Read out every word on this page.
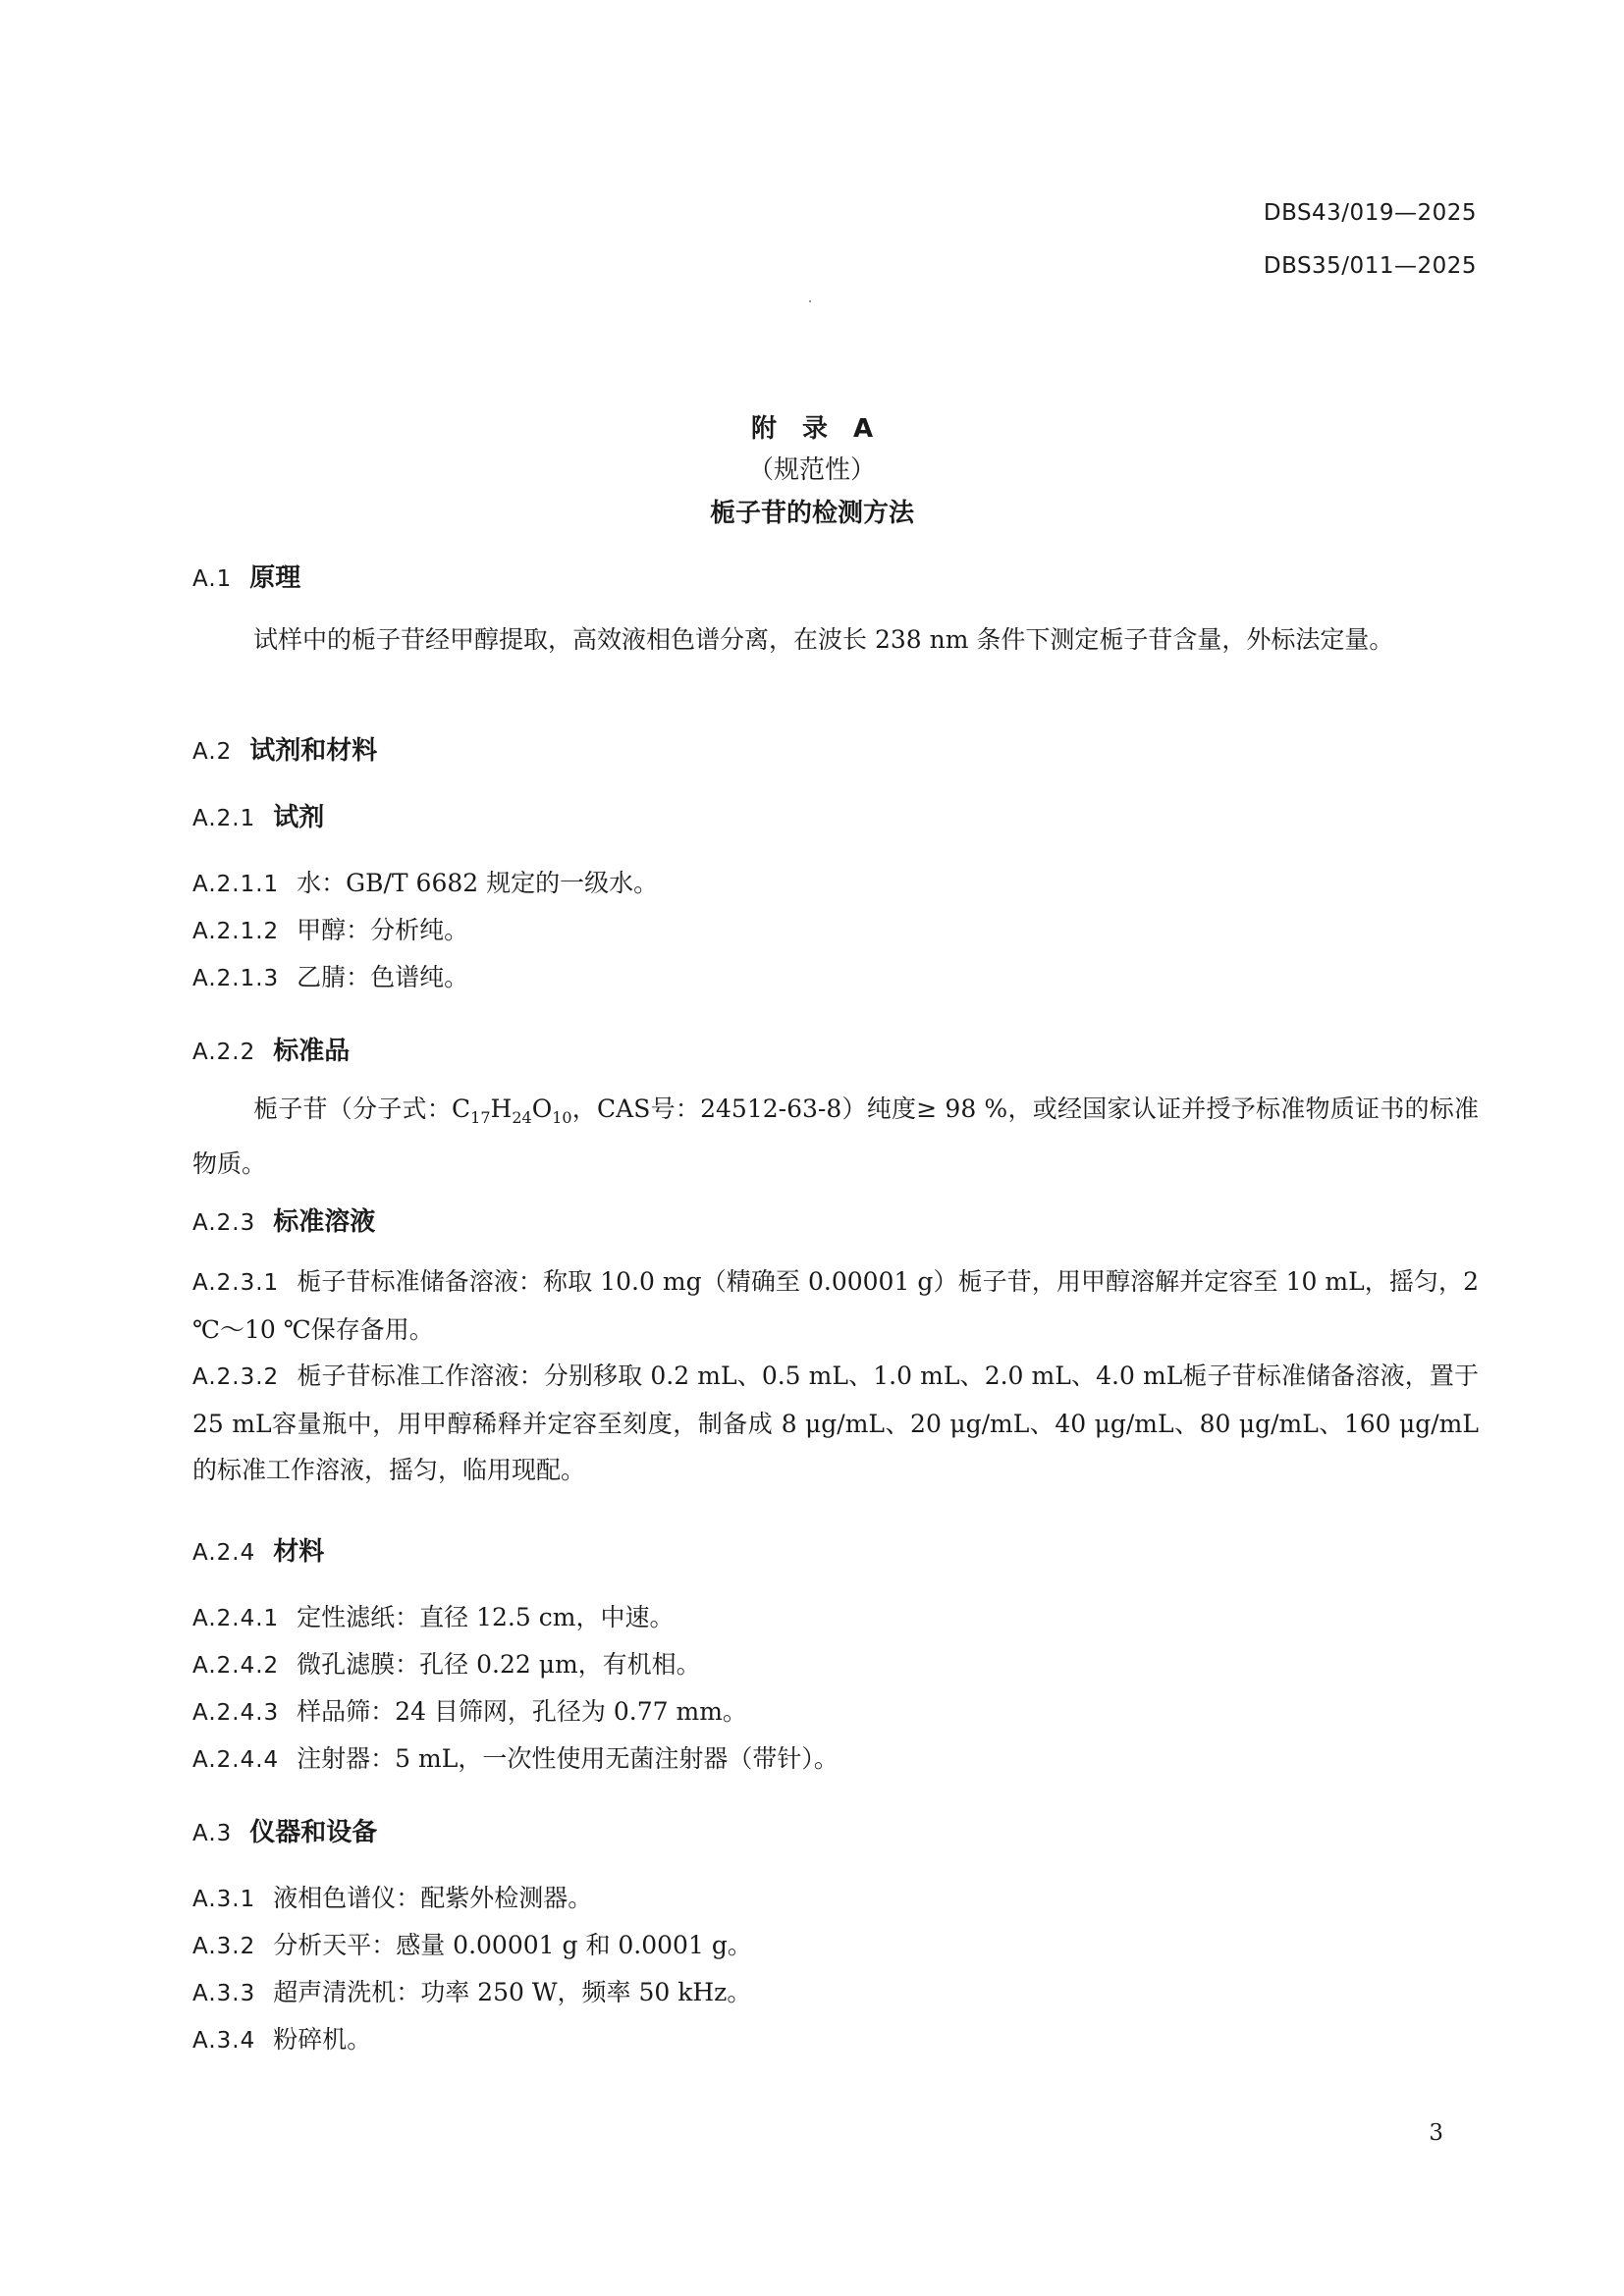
DBS43/019—2025
DBS35/011—2025
附录A
（规范性）
栀子苷的检测方法
A.1 原理
试样中的栀子苷经甲醇提取，高效液相色谱分离，在波长 238 nm 条件下测定栀子苷含量，外标法定量。
A.2 试剂和材料
A.2.1 试剂
A.2.1.1 水：GB/T 6682 规定的一级水。
A.2.1.2 甲醇：分析纯。
A.2.1.3 乙腈：色谱纯。
A.2.2 标准品
栀子苷（分子式：$C_{17}H_{24}O_{10}$，CAS号：24512-63-8）纯度≥ 98 %，或经国家认证并授予标准物质证书的标准物质。
A.2.3 标准溶液
A.2.3.1 栀子苷标准储备溶液：称取 10.0 mg（精确至 0.00001 g）栀子苷，用甲醇溶解并定容至 10 mL，摇匀，2 ℃～10 ℃保存备用。
A.2.3.2 栀子苷标准工作溶液：分别移取 0.2 mL、0.5 mL、1.0 mL、2.0 mL、4.0 mL栀子苷标准储备溶液，置于 25 mL容量瓶中，用甲醇稀释并定容至刻度，制备成 8 μg/mL、20 μg/mL、40 μg/mL、80 μg/mL、160 μg/mL的标准工作溶液，摇匀，临用现配。
A.2.4 材料
A.2.4.1 定性滤纸：直径 12.5 cm，中速。
A.2.4.2 微孔滤膜：孔径 0.22 μm，有机相。
A.2.4.3 样品筛：24 目筛网，孔径为 0.77 mm。
A.2.4.4 注射器：5 mL，一次性使用无菌注射器（带针）。
A.3 仪器和设备
A.3.1 液相色谱仪：配紫外检测器。
A.3.2 分析天平：感量 0.00001 g 和 0.0001 g。
A.3.3 超声清洗机：功率 250 W，频率 50 kHz。
A.3.4 粉碎机。
3
